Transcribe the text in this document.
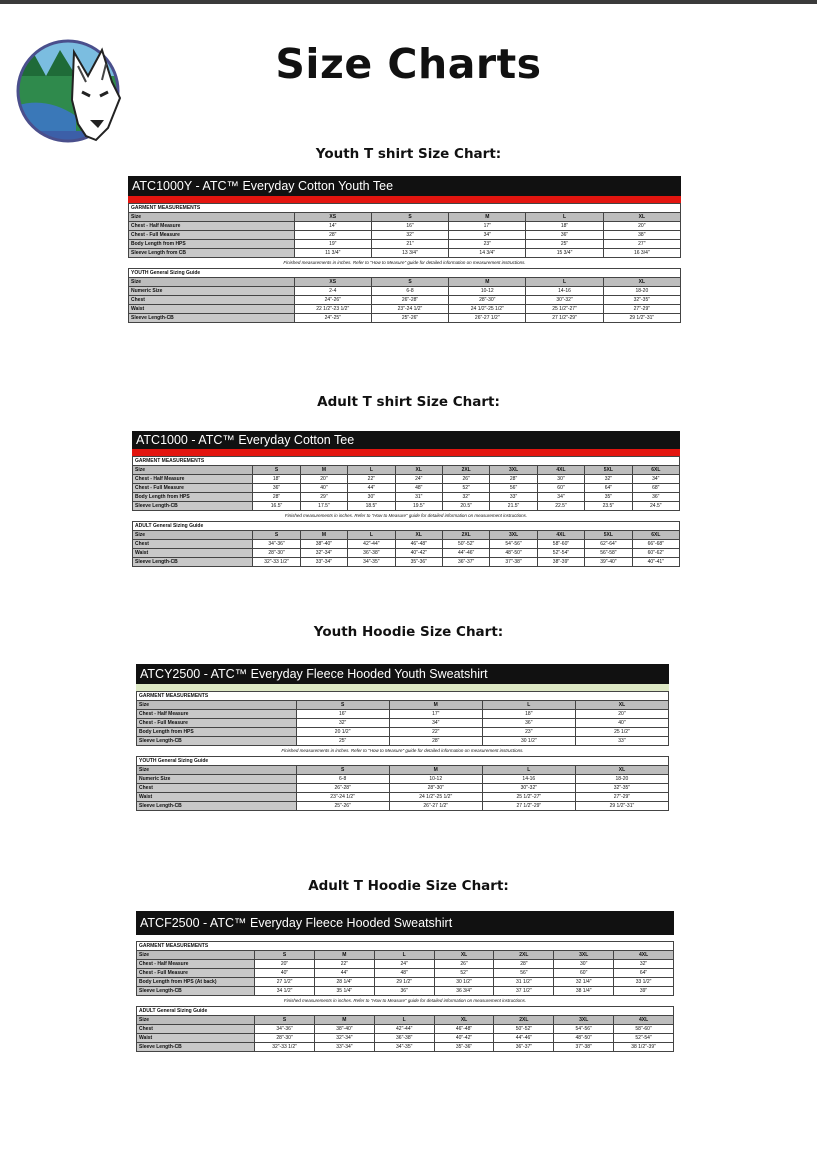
Size Charts
Youth T shirt Size Chart:
ATC1000Y - ATC™ Everyday Cotton Youth Tee
GARMENT MEASUREMENTS					
Size	XS	S	M	L	XL
Chest - Half Measure	14"	16"	17"	18"	20"
Chest - Full Measure	28"	32"	34"	36"	38"
Body Length from HPS	19"	21"	23"	25"	27"
Sleeve Length from CB	11 3/4"	13 3/4"	14 3/4"	15 3/4"	16 3/4"
Finished measurements in inches. Refer to "How to Measure" guide for detailed information on measurement instructions.
YOUTH General Sizing Guide					
Size	XS	S	M	L	XL
Numeric Size	2-4	6-8	10-12	14-16	18-20
Chest	24"-26"	26"-28"	28"-30"	30"-32"	32"-35"
Waist	22 1/2"-23 1/2"	23"-24 1/2"	24 1/2"-25 1/2"	25 1/2"-27"	27"-29"
Sleeve Length-CB	24"-25"	25"-26"	26"-27 1/2"	27 1/2"-29"	29 1/2"-31"
Adult T shirt Size Chart:
ATC1000 - ATC™ Everyday Cotton Tee
GARMENT MEASUREMENTS									
Size	S	M	L	XL	2XL	3XL	4XL	5XL	6XL
Chest - Half Measure	18"	20"	22"	24"	26"	28"	30"	32"	34"
Chest - Full Measure	36"	40"	44"	48"	52"	56"	60"	64"	68"
Body Length from HPS	28"	29"	30"	31"	32"	33"	34"	35"	36"
Sleeve Length-CB	16.5"	17.5"	18.5"	19.5"	20.5"	21.5"	22.5"	23.5"	24.5"
Finished measurements in inches. Refer to "How to Measure" guide for detailed information on measurement instructions.
ADULT General Sizing Guide									
Size	S	M	L	XL	2XL	3XL	4XL	5XL	6XL
Chest	34"-36"	38"-40"	42"-44"	46"-48"	50"-52"	54"-56"	58"-60"	62"-64"	66"-68"
Waist	28"-30"	32"-34"	36"-38"	40"-42"	44"-46"	48"-50"	52"-54"	56"-58"	60"-62"
Sleeve Length-CB	32"-33 1/2"	33"-34"	34"-35"	35"-36"	36"-37"	37"-38"	38"-39"	39"-40"	40"-41"
Youth Hoodie Size Chart:
ATCY2500 - ATC™ Everyday Fleece Hooded Youth Sweatshirt
GARMENT MEASUREMENTS				
Size	S	M	L	XL
Chest - Half Measure	16"	17"	18"	20"
Chest - Full Measure	32"	34"	36"	40"
Body Length from HPS	20 1/2"	22"	23"	25 1/2"
Sleeve Length-CB	25"	28"	30 1/2"	33"
Finished measurements in inches. Refer to "How to Measure" guide for detailed information on measurement instructions.
YOUTH General Sizing Guide				
Size	S	M	L	XL
Numeric Size	6-8	10-12	14-16	18-20
Chest	26"-28"	28"-30"	30"-32"	32"-35"
Waist	23"-24 1/2"	24 1/2"-25 1/2"	25 1/2"-27"	27"-29"
Sleeve Length-CB	25"-26"	26"-27 1/2"	27 1/2"-29"	29 1/2"-31"
Adult T Hoodie Size Chart:
ATCF2500 - ATC™ Everyday Fleece Hooded Sweatshirt
GARMENT MEASUREMENTS							
Size	S	M	L	XL	2XL	3XL	4XL
Chest - Half Measure	20"	22"	24"	26"	28"	30"	32"
Chest - Full Measure	40"	44"	48"	52"	56"	60"	64"
Body Length from HPS (At back)	27 1/2"	28 1/4"	29 1/2"	30 1/2"	31 1/2"	32 1/4"	33 1/2"
Sleeve Length-CB	34 1/2"	35 1/4"	36"	36 3/4"	37 1/2"	38 1/4"	39"
Finished measurements in inches. Refer to "How to Measure" guide for detailed information on measurement instructions.
ADULT General Sizing Guide							
Size	S	M	L	XL	2XL	3XL	4XL
Chest	34"-36"	38"-40"	42"-44"	46"-48"	50"-52"	54"-56"	58"-60"
Waist	28"-30"	32"-34"	36"-38"	40"-42"	44"-46"	48"-50"	52"-54"
Sleeve Length-CB	32"-33 1/2"	33"-34"	34"-35"	35"-36"	36"-37"	37"-38"	38 1/2"-39"
